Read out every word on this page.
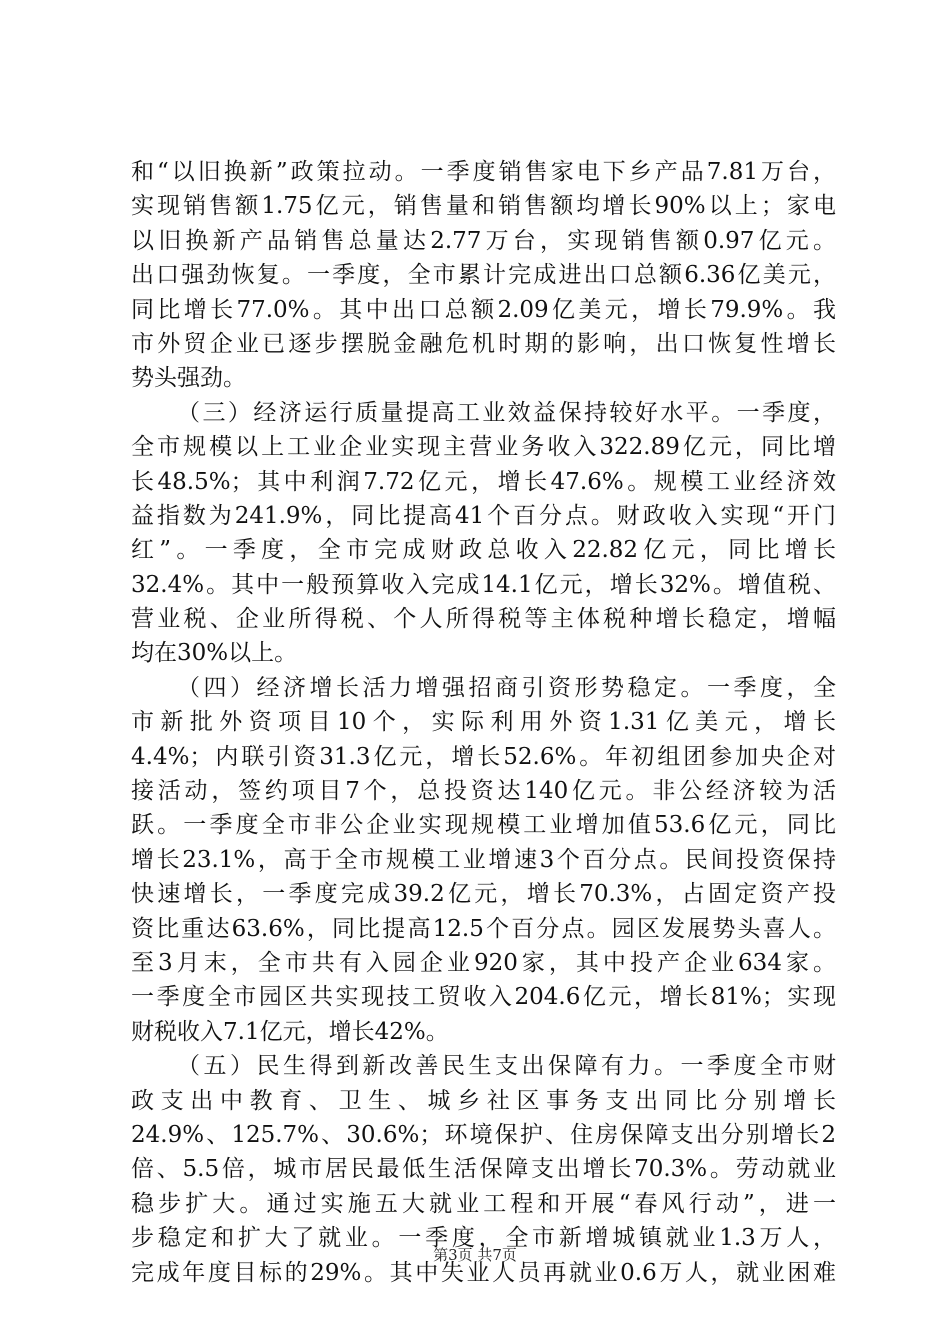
和“以旧换新”政策拉动。一季度销售家电下乡产品7.81万台，
实现销售额1.75亿元，销售量和销售额均增长90%以上；家电
以旧换新产品销售总量达2.77万台，实现销售额0.97亿元。
出口强劲恢复。一季度，全市累计完成进出口总额6.36亿美元，
同比增长77.0%。其中出口总额2.09亿美元，增长79.9%。我
市外贸企业已逐步摆脱金融危机时期的影响，出口恢复性增长
势头强劲。
（三）经济运行质量提高工业效益保持较好水平。一季度，
全市规模以上工业企业实现主营业务收入322.89亿元，同比增
长48.5%；其中利润7.72亿元，增长47.6%。规模工业经济效
益指数为241.9%，同比提高41个百分点。财政收入实现“开门
红”。一季度，全市完成财政总收入22.82亿元，同比增长
32.4%。其中一般预算收入完成14.1亿元，增长32%。增值税、
营业税、企业所得税、个人所得税等主体税种增长稳定，增幅
均在30%以上。
（四）经济增长活力增强招商引资形势稳定。一季度，全
市新批外资项目10个，实际利用外资1.31亿美元，增长
4.4%；内联引资31.3亿元，增长52.6%。年初组团参加央企对
接活动，签约项目7个，总投资达140亿元。非公经济较为活
跃。一季度全市非公企业实现规模工业增加值53.6亿元，同比
增长23.1%，高于全市规模工业增速3个百分点。民间投资保持
快速增长，一季度完成39.2亿元，增长70.3%，占固定资产投
资比重达63.6%，同比提高12.5个百分点。园区发展势头喜人。
至3月末，全市共有入园企业920家，其中投产企业634家。
一季度全市园区共实现技工贸收入204.6亿元，增长81%；实现
财税收入7.1亿元，增长42%。
（五）民生得到新改善民生支出保障有力。一季度全市财
政支出中教育、卫生、城乡社区事务支出同比分别增长
24.9%、125.7%、30.6%；环境保护、住房保障支出分别增长2
倍、5.5倍，城市居民最低生活保障支出增长70.3%。劳动就业
稳步扩大。通过实施五大就业工程和开展“春风行动”，进一
步稳定和扩大了就业。一季度，全市新增城镇就业1.3万人，
完成年度目标的29%。其中失业人员再就业0.6万人，就业困难
第3页 共7页
